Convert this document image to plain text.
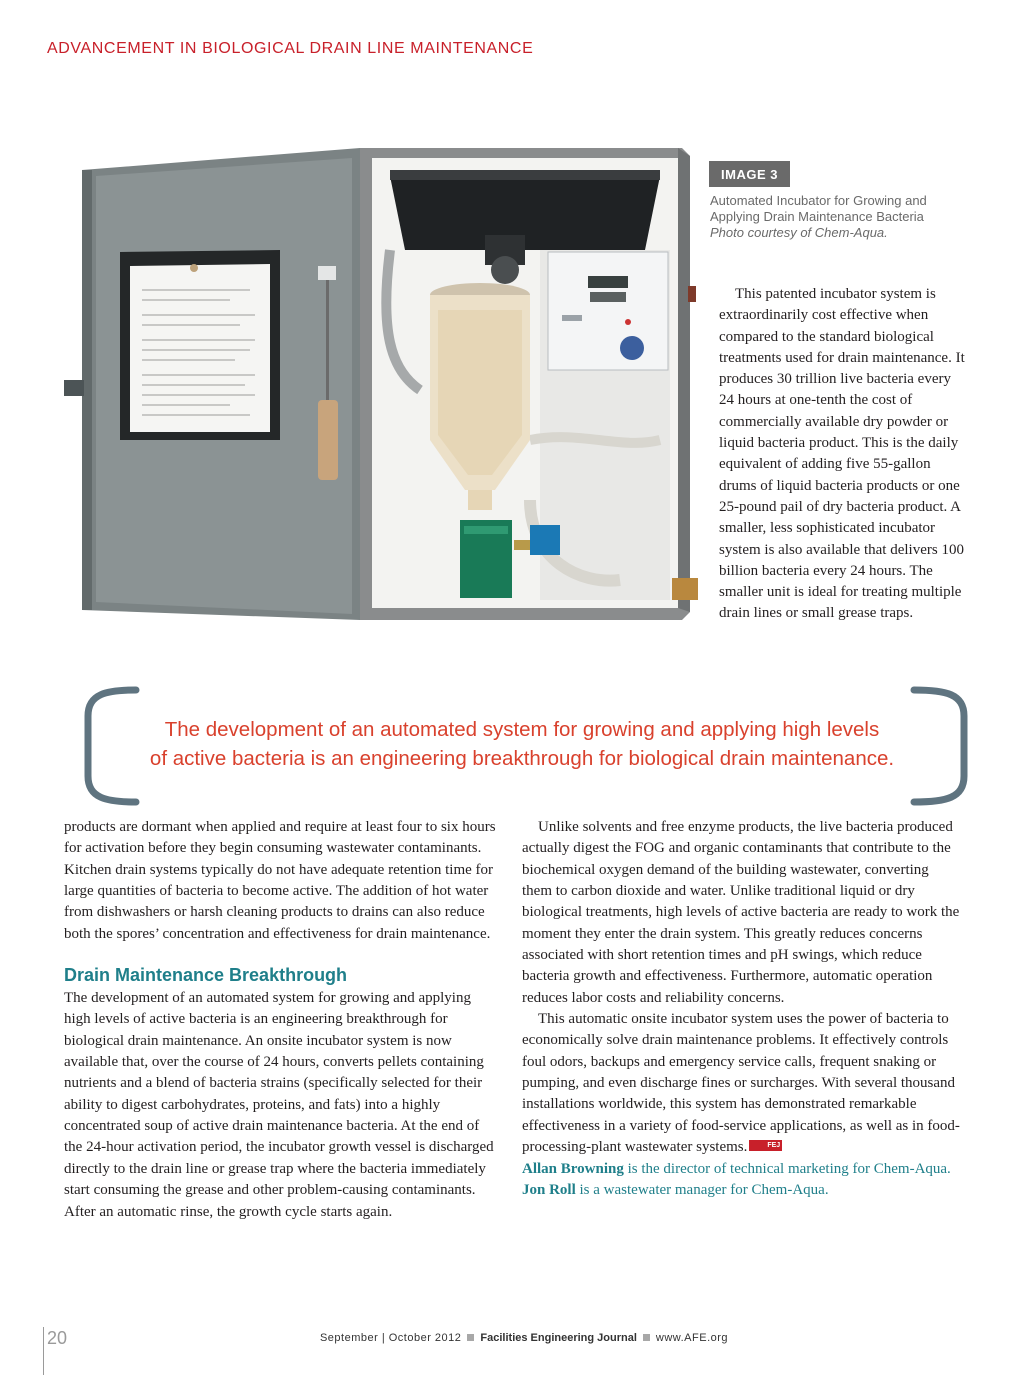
ADVANCEMENT IN BIOLOGICAL DRAIN LINE MAINTENANCE
IMAGE 3
Automated Incubator for Growing and
Applying Drain Maintenance Bacteria
Photo courtesy of Chem-Aqua.

This patented incubator system is extraordinarily cost effective when compared to the standard biological treatments used for drain maintenance. It produces 30 trillion live bacteria every 24 hours at one-tenth the cost of commercially available dry powder or liquid bacteria product. This is the daily equivalent of adding five 55-gallon drums of liquid bacteria products or one 25-pound pail of dry bacteria product. A smaller, less sophisticated incubator system is also available that delivers 100 billion bacteria every 24 hours. The smaller unit is ideal for treating multiple drain lines or small grease traps.

The development of an automated system for growing and applying high levels
of active bacteria is an engineering breakthrough for biological drain maintenance.

products are dormant when applied and require at least four to six hours for activation before they begin consuming wastewater contaminants. Kitchen drain systems typically do not have adequate retention time for large quantities of bacteria to become active. The addition of hot water from dishwashers or harsh cleaning products to drains can also reduce both the spores’ concentration and effectiveness for drain maintenance.

Drain Maintenance Breakthrough

The development of an automated system for growing and applying high levels of active bacteria is an engineering breakthrough for biological drain maintenance. An onsite incubator system is now available that, over the course of 24 hours, converts pellets containing nutrients and a blend of bacteria strains (specifically selected for their ability to digest carbohydrates, proteins, and fats) into a highly concentrated soup of active drain maintenance bacteria. At the end of the 24-hour activation period, the incubator growth vessel is discharged directly to the drain line or grease trap where the bacteria immediately start consuming the grease and other problem-causing contaminants. After an automatic rinse, the growth cycle starts again.

Unlike solvents and free enzyme products, the live bacteria produced actually digest the FOG and organic contaminants that contribute to the biochemical oxygen demand of the building wastewater, converting them to carbon dioxide and water. Unlike traditional liquid or dry biological treatments, high levels of active bacteria are ready to work the moment they enter the drain system. This greatly reduces concerns associated with short retention times and pH swings, which reduce bacteria growth and effectiveness. Furthermore, automatic operation reduces labor costs and reliability concerns.

This automatic onsite incubator system uses the power of bacteria to economically solve drain maintenance problems. It effectively controls foul odors, backups and emergency service calls, frequent snaking or pumping, and even discharge fines or surcharges. With several thousand installations worldwide, this system has demonstrated remarkable effectiveness in a variety of food-service applications, as well as in food-processing-plant wastewater systems.	FEJ

Allan Browning is the director of technical marketing for Chem-Aqua. Jon Roll is a wastewater manager for Chem-Aqua.

20	September | October 2012 Facilities Engineering Journal www.AFE.org
